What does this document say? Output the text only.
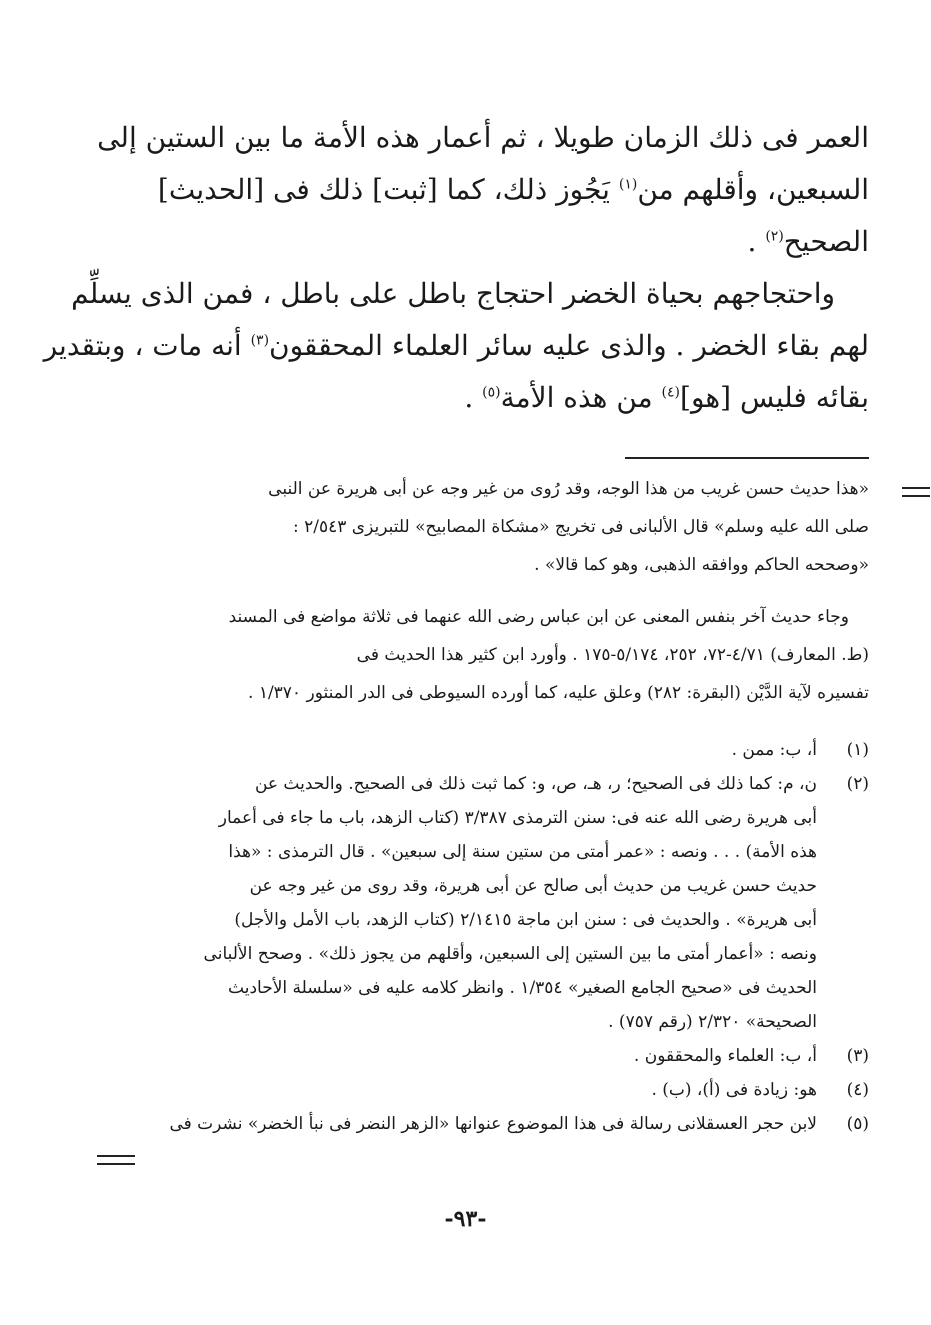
العمر فى ذلك الزمان طويلا ، ثم أعمار هذه الأمة ما بين الستين إلى
السبعين، وأقلهم من$^{(١)}$ يَجُوز ذلك، كما [ثبت] ذلك فى [الحديث]
الصحيح$^{(٢)}$ .
واحتجاجهم بحياة الخضر احتجاج باطل على باطل ، فمن الذى يسلِّم
لهم بقاء الخضر . والذى عليه سائر العلماء المحققون$^{(٣)}$ أنه مات ، وبتقدير
بقائه فليس [هو]$^{(٤)}$ من هذه الأمة$^{(٥)}$ .
«هذا حديث حسن غريب من هذا الوجه، وقد رُوى من غير وجه عن أبى هريرة عن النبى
صلى الله عليه وسلم» قال الألبانى فى تخريج «مشكاة المصابيح» للتبريزى ٢/٥٤٣ :
«وصححه الحاكم ووافقه الذهبى، وهو كما قالا» .
وجاء حديث آخر بنفس المعنى عن ابن عباس رضى الله عنهما فى ثلاثة مواضع فى المسند
(ط. المعارف) ٤/٧١-٧٢، ٢٥٢، ٥/١٧٤-١٧٥ . وأورد ابن كثير هذا الحديث فى
تفسيره لآية الدَّيْن (البقرة: ٢٨٢) وعلق عليه، كما أورده السيوطى فى الدر المنثور ١/٣٧٠ .
(١)
أ، ب: ممن .
(٢)
ن، م: كما ذلك فى الصحيح؛ ر، هـ، ص، و: كما ثبت ذلك فى الصحيح. والحديث عن
أبى هريرة رضى الله عنه فى: سنن الترمذى ٣/٣٨٧ (كتاب الزهد، باب ما جاء فى أعمار
هذه الأمة) . . . ونصه : «عمر أمتى من ستين سنة إلى سبعين» . قال الترمذى : «هذا
حديث حسن غريب من حديث أبى صالح عن أبى هريرة، وقد روى من غير وجه عن
أبى هريرة» . والحديث فى : سنن ابن ماجة ٢/١٤١٥ (كتاب الزهد، باب الأمل والأجل)
ونصه : «أعمار أمتى ما بين الستين إلى السبعين، وأقلهم من يجوز ذلك» . وصحح الألبانى
الحديث فى «صحيح الجامع الصغير» ١/٣٥٤ . وانظر كلامه عليه فى «سلسلة الأحاديث
الصحيحة» ٢/٣٢٠ (رقم ٧٥٧) .
(٣)
أ، ب: العلماء والمحققون .
(٤)
هو: زيادة فى (أ)، (ب) .
(٥)
لابن حجر العسقلانى رسالة فى هذا الموضوع عنوانها «الزهر النضر فى نبأ الخضر» نشرت فى
-٩٣-
